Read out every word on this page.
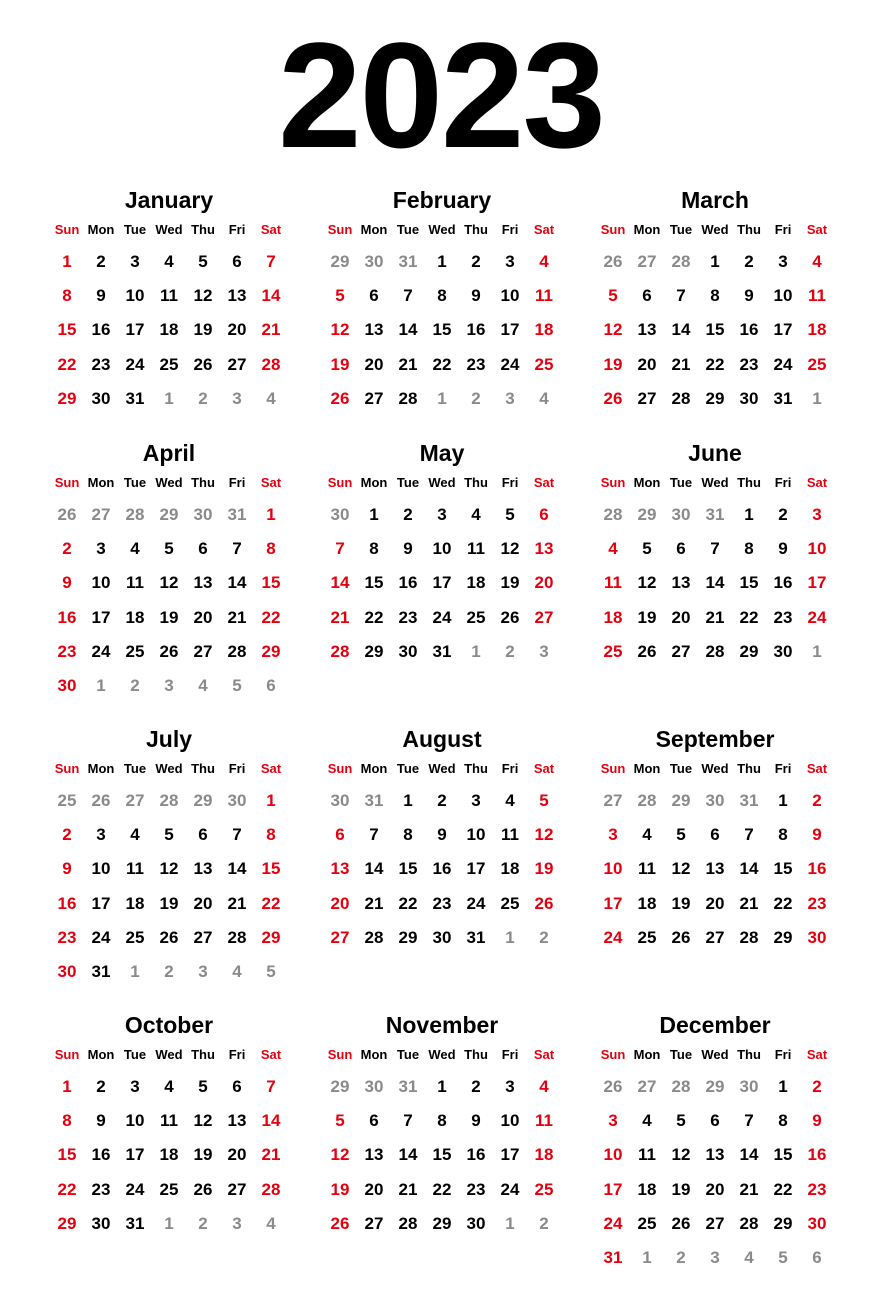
2023
January
Sun Mon Tue Wed Thu	Fri	Sat
1	2	3	4	5	6	7
8	9	10 11 12 13 14
15 16 17 18 19 20 21
22 23 24 25 26 27 28
29 30 31	1	2	3	4
February
Sun Mon Tue Wed Thu	Fri	Sat
29 30 31	1	2	3	4
5	6	7	8	9	10 11
12 13 14 15 16 17 18
19 20 21 22 23 24 25
26 27 28	1	2	3	4
March
Sun Mon Tue Wed Thu	Fri	Sat
26 27 28	1	2	3	4
5	6	7	8	9	10 11
12 13 14 15 16 17 18
19 20 21 22 23 24 25
26 27 28 29 30 31	1
April
Sun Mon Tue Wed Thu	Fri	Sat
26 27 28 29 30 31	1
2	3	4	5	6	7	8
9	10 11 12 13 14 15
16 17 18 19 20 21 22
23 24 25 26 27 28 29
30	1	2	3	4	5	6
May
Sun Mon Tue Wed Thu	Fri	Sat
30	1	2	3	4	5	6
7	8	9	10 11 12 13
14 15 16 17 18 19 20
21 22 23 24 25 26 27
28 29 30 31	1	2	3
June
Sun Mon Tue Wed Thu	Fri	Sat
28 29 30 31	1	2	3
4	5	6	7	8	9	10
11 12 13 14 15 16 17
18 19 20 21 22 23 24
25 26 27 28 29 30	1
July
Sun Mon Tue Wed Thu	Fri	Sat
25 26 27 28 29 30	1
2	3	4	5	6	7	8
9	10 11 12 13 14 15
16 17 18 19 20 21 22
23 24 25 26 27 28 29
30 31	1	2	3	4	5
August
Sun Mon Tue Wed Thu	Fri	Sat
30 31	1	2	3	4	5
6	7	8	9	10 11 12
13 14 15 16 17 18 19
20 21 22 23 24 25 26
27 28 29 30 31	1	2
September
Sun Mon Tue Wed Thu	Fri	Sat
27 28 29 30 31	1	2
3	4	5	6	7	8	9
10 11 12 13 14 15 16
17 18 19 20 21 22 23
24 25 26 27 28 29 30
October
Sun Mon Tue Wed Thu	Fri	Sat
1	2	3	4	5	6	7
8	9	10 11 12 13 14
15 16 17 18 19 20 21
22 23 24 25 26 27 28
29 30 31	1	2	3	4
November
Sun Mon Tue Wed Thu	Fri	Sat
29 30 31	1	2	3	4
5	6	7	8	9	10 11
12 13 14 15 16 17 18
19 20 21 22 23 24 25
26 27 28 29 30	1	2
December
Sun Mon Tue Wed Thu	Fri	Sat
26 27 28 29 30	1	2
3	4	5	6	7	8	9
10 11 12 13 14 15 16
17 18 19 20 21 22 23
24 25 26 27 28 29 30
31	1	2	3	4	5	6
